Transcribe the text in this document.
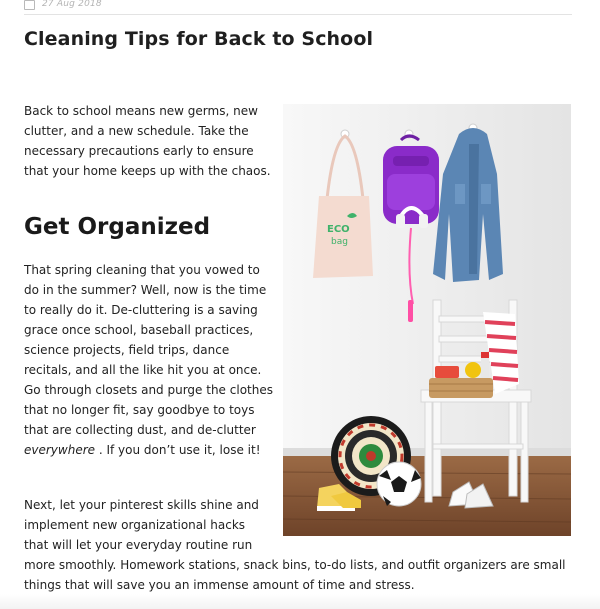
27 Aug 2018
Cleaning Tips for Back to School

Back to school means new germs, new clutter, and a new schedule. Take the necessary precautions early to ensure that your home keeps up with the chaos.

ECO
bag
Get Organized

That spring cleaning that you vowed to do in the summer? Well, now is the time to really do it. De-cluttering is a saving grace once school, baseball practices, science projects, field trips, dance recitals, and all the like hit you at once. Go through closets and purge the clothes that no longer fit, say goodbye to toys that are collecting dust, and de-clutter everywhere . If you don’t use it, lose it!

Next, let your pinterest skills shine and
implement new organizational hacks
that will let your everyday routine run
more smoothly. Homework stations, snack bins, to-do lists, and outfit organizers are small
things that will save you an immense amount of time and stress.
